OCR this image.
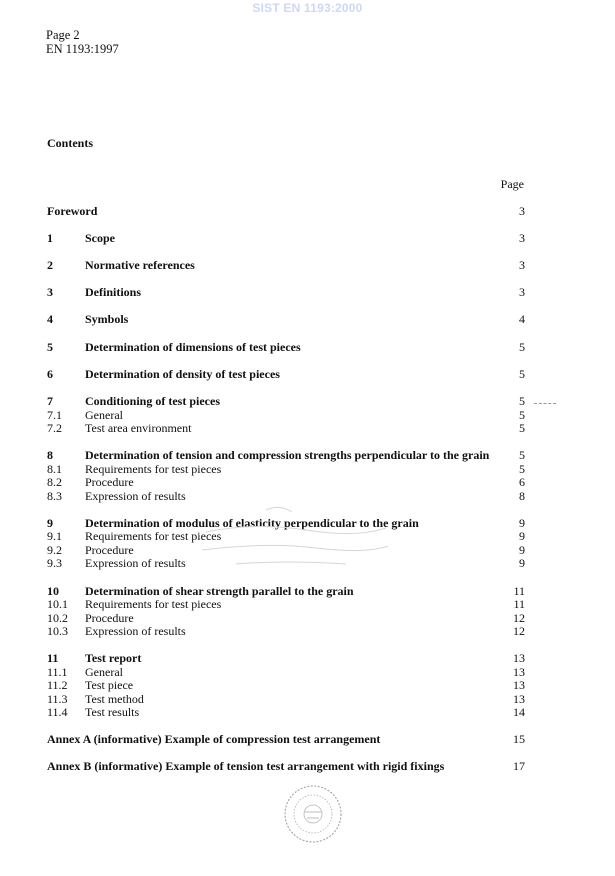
SIST EN 1193:2000
Page 2
EN 1193:1997
Contents
Page
Foreword	3
1	Scope	3
2	Normative references	3
3	Definitions	3
4	Symbols	4
5	Determination of dimensions of test pieces	5
6	Determination of density of test pieces	5
7	Conditioning of test pieces	5
7.1 General	5
7.2 Test area environment	5
8	Determination of tension and compression strengths perpendicular to the grain	5
8.1 Requirements for test pieces	5
8.2 Procedure	6
8.3 Expression of results	8
9	Determination of modulus of elasticity perpendicular to the grain	9
9.1 Requirements for test pieces	9
9.2 Procedure	9
9.3 Expression of results	9
10 Determination of shear strength parallel to the grain	11
10.1 Requirements for test pieces	11
10.2 Procedure	12
10.3 Expression of results	12
11 Test report	13
11.1 General	13
11.2 Test piece	13
11.3 Test method	13
11.4 Test results	14
Annex A (informative) Example of compression test arrangement	15
Annex B (informative) Example of tension test arrangement with rigid fixings	17
